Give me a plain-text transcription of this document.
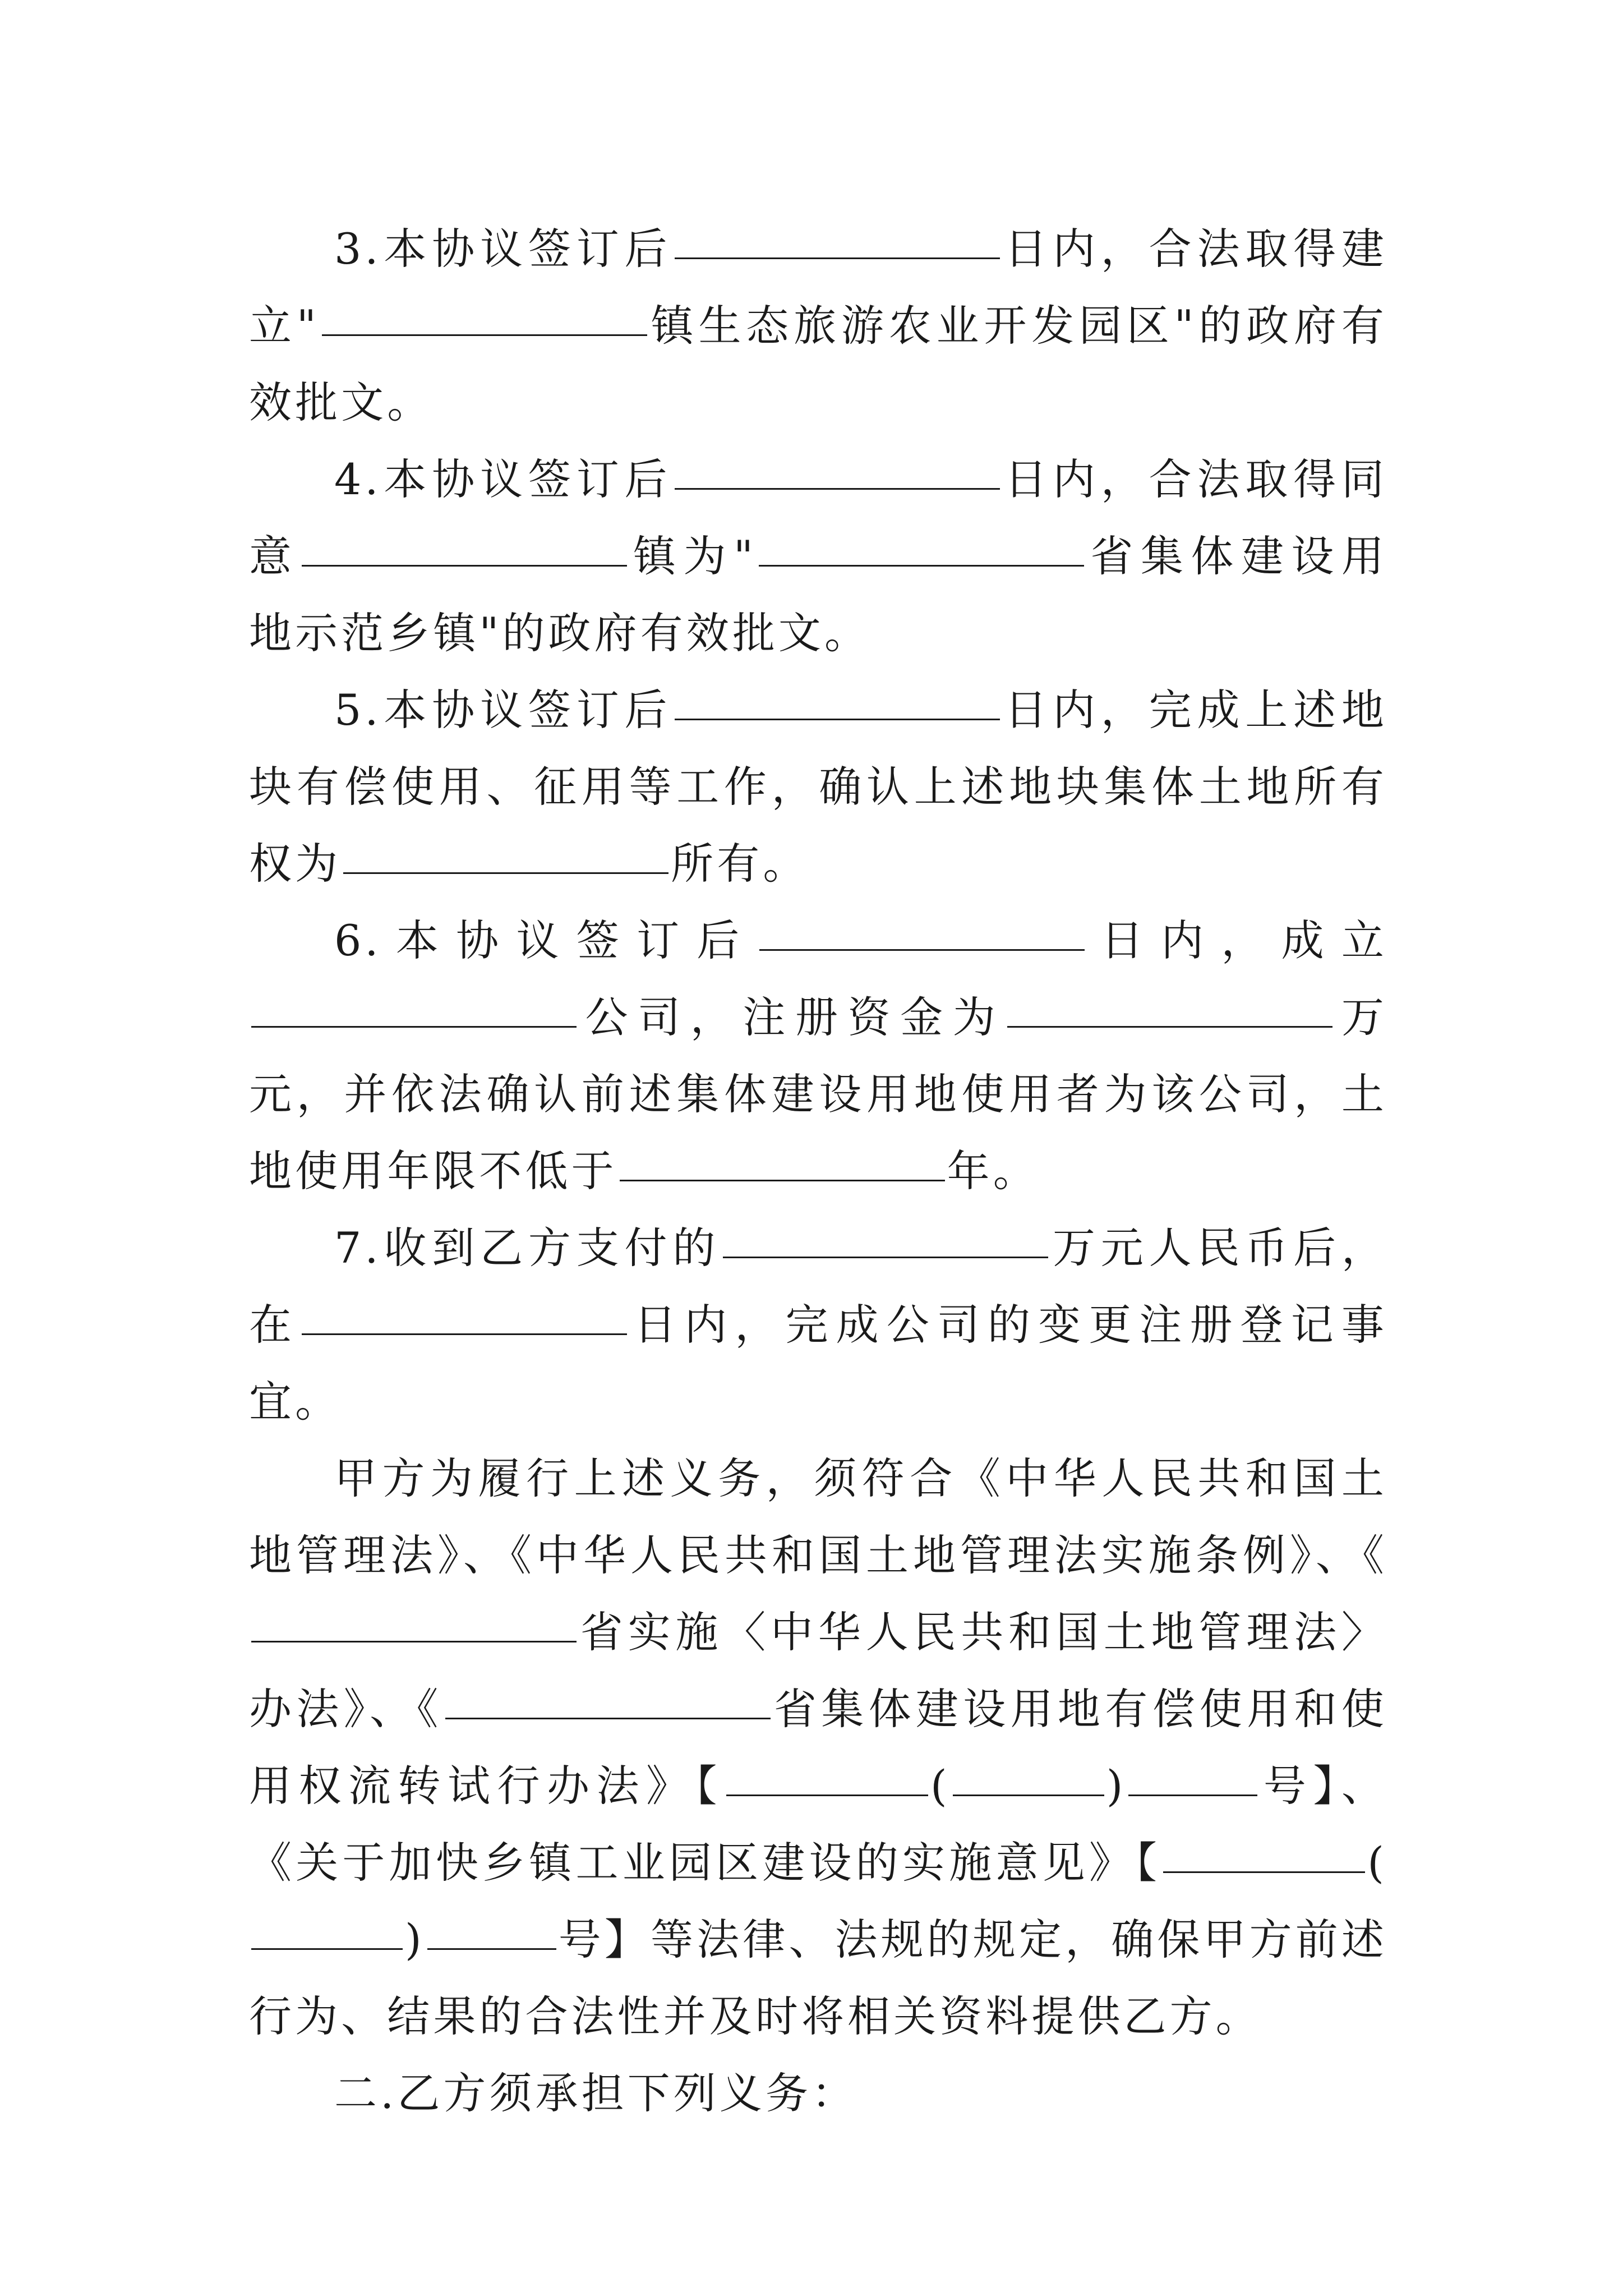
3.本协议签订后	日内，合法取得建立"	镇生态旅游农业开发园区"的政府有效批文。

4.本协议签订后	日内，合法取得同意	镇为"	省集体建设用地示范乡镇"的政府有效批文。

5.本协议签订后	日内，完成上述地块有偿使用、征用等工作，确认上述地块集体土地所有权为	所有。

6.本协议签订后	日内，成立公司，注册资金为	万元，并依法确认前述集体建设用地使用者为该公司，土地使用年限不低于	年。

7.收到乙方支付的	万元人民币后，在	日内，完成公司的变更注册登记事宜。

甲方为履行上述义务，须符合《中华人民共和国土地管理法》、《中华人民共和国土地管理法实施条例》、《省实施〈中华人民共和国土地管理法〉办法》、《	省集体建设用地有偿使用和使用权流转试行办法》【	(	)	号】、《关于加快乡镇工业园区建设的实施意见》【	()	号】等法律、法规的规定，确保甲方前述行为、结果的合法性并及时将相关资料提供乙方。

二.乙方须承担下列义务：
